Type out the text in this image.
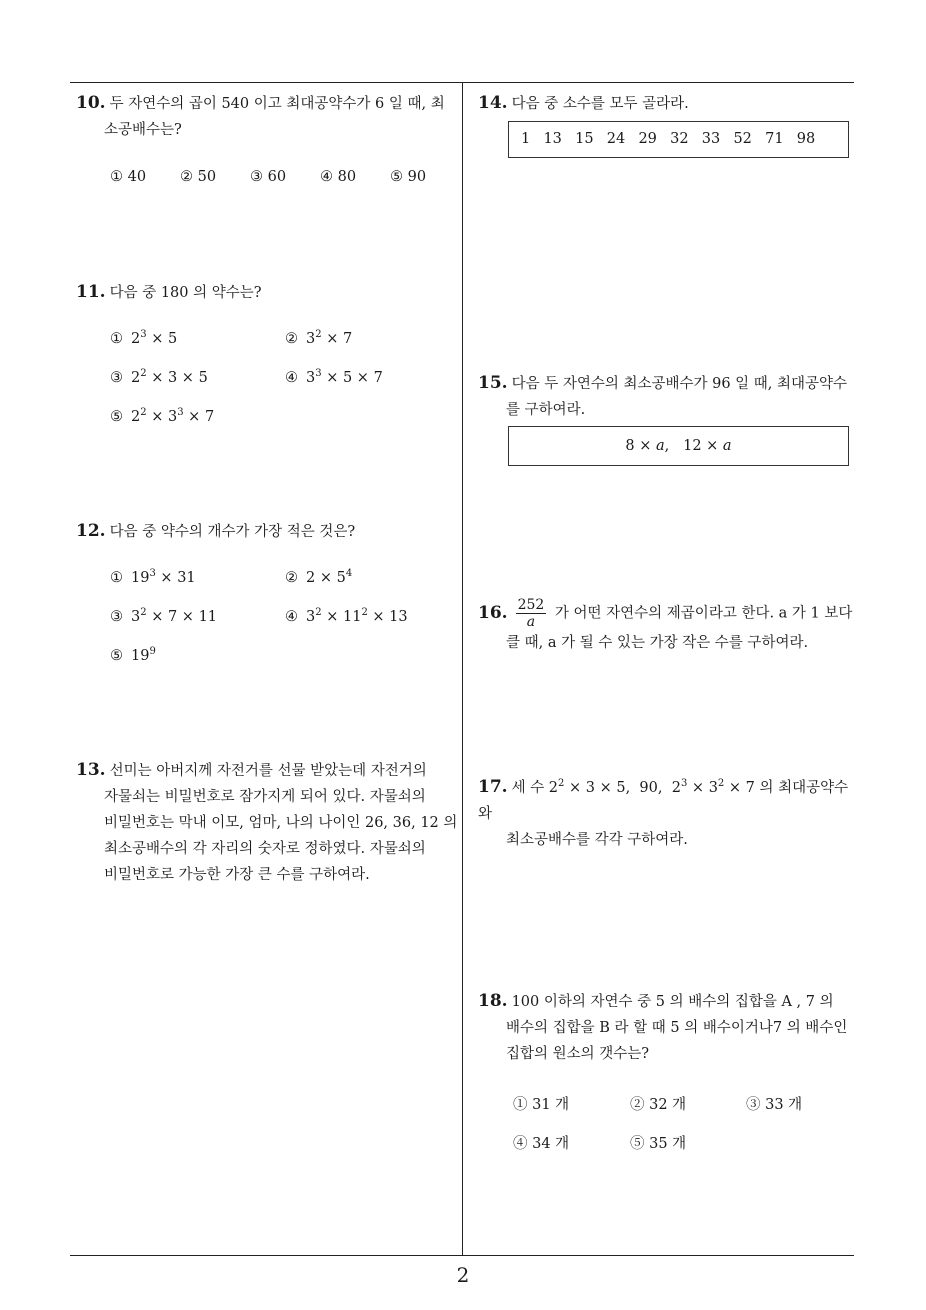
2
10. 두 자연수의 곱이 540 이고 최대공약수가 6 일 때, 최
소공배수는?
① 40 ② 50 ③ 60 ④ 80 ⑤ 90
11. 다음 중 180 의 약수는?
① $2^3 \times 5$	② $3^2 \times 7$
③ $2^2 \times 3 \times 5$	④ $3^3 \times 5 \times 7$
⑤ $2^2 \times 3^3 \times 7$
12. 다음 중 약수의 개수가 가장 적은 것은?
① $19^3 \times 31$	② $2 \times 5^4$
③ $3^2 \times 7 \times 11$	④ $3^2 \times 11^2 \times 13$
⑤ $19^9$
13. 선미는 아버지께 자전거를 선물 받았는데 자전거의
자물쇠는 비밀번호로 잠가지게 되어 있다. 자물쇠의
비밀번호는 막내 이모, 엄마, 나의 나이인 26, 36, 12 의
최소공배수의 각 자리의 숫자로 정하였다. 자물쇠의
비밀번호로 가능한 가장 큰 수를 구하여라.
14. 다음 중 소수를 모두 골라라.
1  13  15  24  29  32  33  52  71  98
15. 다음 두 자연수의 최소공배수가 96 일 때, 최대공약수
를 구하여라.
8 × a,   12 × a
16. $\frac{252}{a}$ 가 어떤 자연수의 제곱이라고 한다. a 가 1 보다
클 때, a 가 될 수 있는 가장 작은 수를 구하여라.
17. 세 수 $2^2 \times 3 \times 5$,  90,  $2^3 \times 3^2 \times 7$ 의 최대공약수와
최소공배수를 각각 구하여라.
18. 100 이하의 자연수 중 5 의 배수의 집합을 A , 7 의
배수의 집합을 B 라 할 때 5 의 배수이거나7 의 배수인
집합의 원소의 갯수는?
① 31 개	② 32 개	③ 33 개
④ 34 개	⑤ 35 개
